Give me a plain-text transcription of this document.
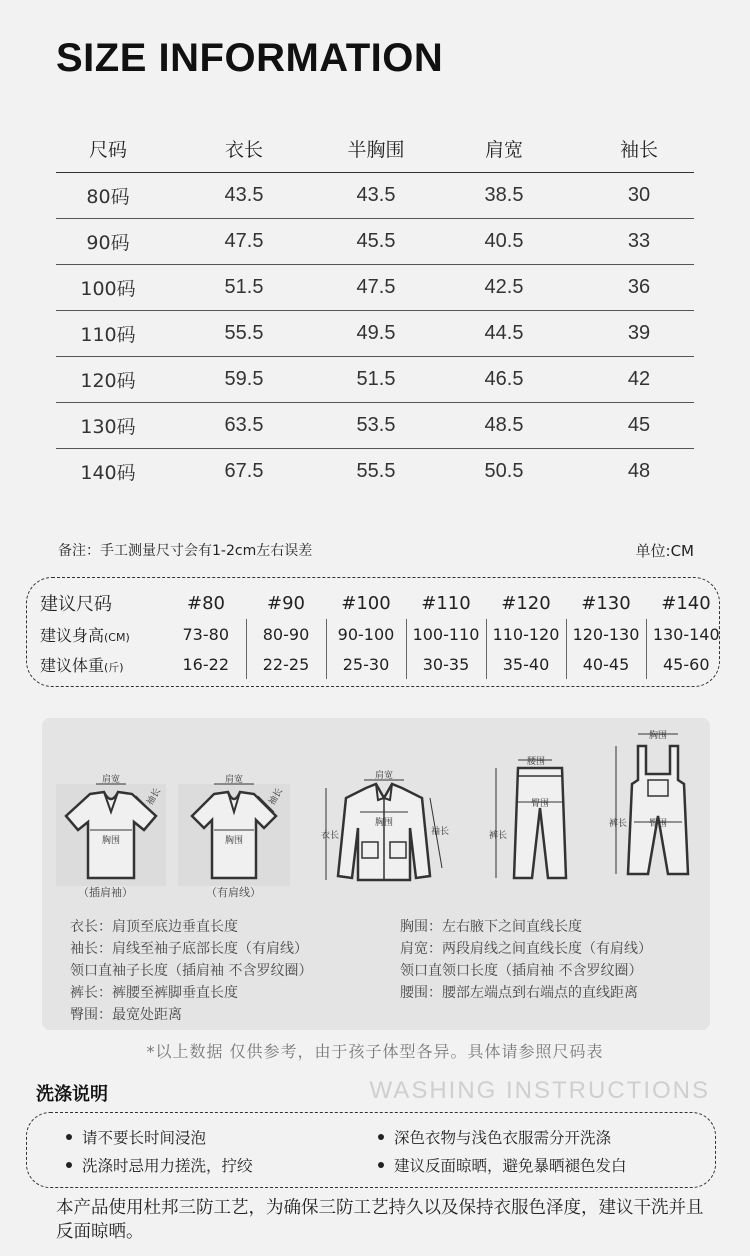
SIZE INFORMATION
尺码	衣长	半胸围	肩宽	袖长
80码	43.5	43.5	38.5	30
90码	47.5	45.5	40.5	33
100码	51.5	47.5	42.5	36
110码	55.5	49.5	44.5	39
120码	59.5	51.5	46.5	42
130码	63.5	53.5	48.5	45
140码	67.5	55.5	50.5	48
备注：手工测量尺寸会有1-2cm左右误差	单位:CM
建议尺码	#80	#90	#100	#110	#120	#130	#140
建议身高(CM)	73-80	80-90	90-100	100-110	110-120	120-130	130-140
建议体重(斤)	16-22	22-25	25-30	30-35	35-40	40-45	45-60
肩宽
袖长
胸围
（插肩袖）
肩宽
袖长
胸围
（有肩线）
肩宽
胸围
衣长	袖长
腰围
臀围
裤长
胸围
臀围
裤长
衣长：肩顶至底边垂直长度
袖长：肩线至袖子底部长度（有肩线）
领口直袖子长度（插肩袖 不含罗纹圈）
裤长：裤腰至裤脚垂直长度
臀围：最宽处距离
胸围：左右腋下之间直线长度
肩宽：两段肩线之间直线长度（有肩线）
领口直领口长度（插肩袖 不含罗纹圈）
腰围：腰部左端点到右端点的直线距离
*以上数据 仅供参考，由于孩子体型各异。具体请参照尺码表
洗涤说明	WASHING INSTRUCTIONS
请不要长时间浸泡	深色衣物与浅色衣服需分开洗涤
洗涤时忌用力搓洗，拧绞	建议反面晾晒，避免暴晒褪色发白
本产品使用杜邦三防工艺，为确保三防工艺持久以及保持衣服色泽度，建议干洗并且反面晾晒。
